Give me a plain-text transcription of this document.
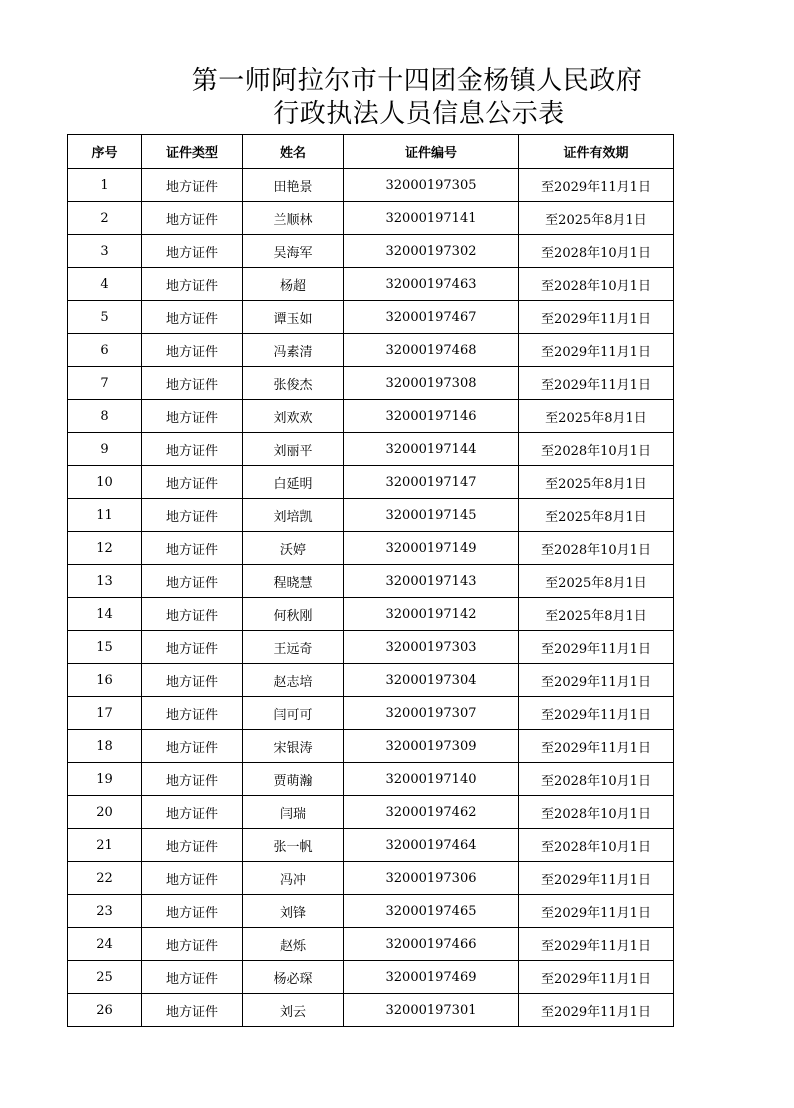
第一师阿拉尔市十四团金杨镇人民政府
行政执法人员信息公示表
序号	证件类型	姓名	证件编号	证件有效期
1	地方证件	田艳景	32000197305	至2029年11月1日
2	地方证件	兰顺林	32000197141	至2025年8月1日
3	地方证件	吴海军	32000197302	至2028年10月1日
4	地方证件	杨超	32000197463	至2028年10月1日
5	地方证件	谭玉如	32000197467	至2029年11月1日
6	地方证件	冯素清	32000197468	至2029年11月1日
7	地方证件	张俊杰	32000197308	至2029年11月1日
8	地方证件	刘欢欢	32000197146	至2025年8月1日
9	地方证件	刘丽平	32000197144	至2028年10月1日
10	地方证件	白延明	32000197147	至2025年8月1日
11	地方证件	刘培凯	32000197145	至2025年8月1日
12	地方证件	沃婷	32000197149	至2028年10月1日
13	地方证件	程晓慧	32000197143	至2025年8月1日
14	地方证件	何秋刚	32000197142	至2025年8月1日
15	地方证件	王远奇	32000197303	至2029年11月1日
16	地方证件	赵志培	32000197304	至2029年11月1日
17	地方证件	闫可可	32000197307	至2029年11月1日
18	地方证件	宋银涛	32000197309	至2029年11月1日
19	地方证件	贾萌瀚	32000197140	至2028年10月1日
20	地方证件	闫瑞	32000197462	至2028年10月1日
21	地方证件	张一帆	32000197464	至2028年10月1日
22	地方证件	冯冲	32000197306	至2029年11月1日
23	地方证件	刘锋	32000197465	至2029年11月1日
24	地方证件	赵烁	32000197466	至2029年11月1日
25	地方证件	杨必琛	32000197469	至2029年11月1日
26	地方证件	刘云	32000197301	至2029年11月1日
